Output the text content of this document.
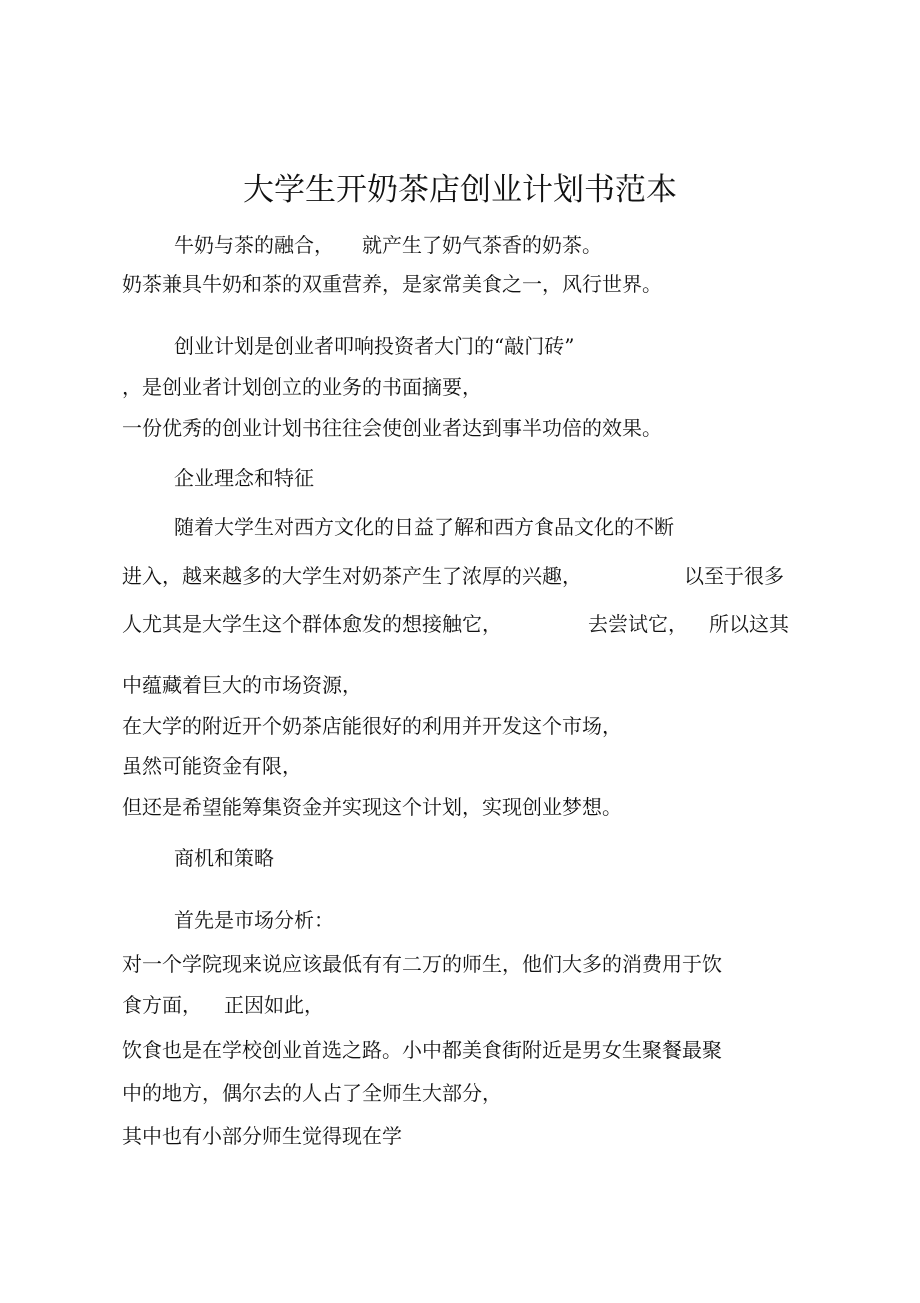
大学生开奶茶店创业计划书范本
牛奶与茶的融合， 就产生了奶气茶香的奶茶。
奶茶兼具牛奶和茶的双重营养，是家常美食之一，风行世界。
创业计划是创业者叩响投资者大门的“敲门砖”
，是创业者计划创立的业务的书面摘要，
一份优秀的创业计划书往往会使创业者达到事半功倍的效果。
企业理念和特征
随着大学生对西方文化的日益了解和西方食品文化的不断
进入，越来越多的大学生对奶茶产生了浓厚的兴趣，	以至于很多
人尤其是大学生这个群体愈发的想接触它，	去尝试它， 所以这其
中蕴藏着巨大的市场资源，
在大学的附近开个奶茶店能很好的利用并开发这个市场，
虽然可能资金有限，
但还是希望能筹集资金并实现这个计划，实现创业梦想。
商机和策略
首先是市场分析：
对一个学院现来说应该最低有有二万的师生，他们大多的消费用于饮
食方面， 正因如此，
饮食也是在学校创业首选之路。小中都美食街附近是男女生聚餐最聚
中的地方，偶尔去的人占了全师生大部分，
其中也有小部分师生觉得现在学
